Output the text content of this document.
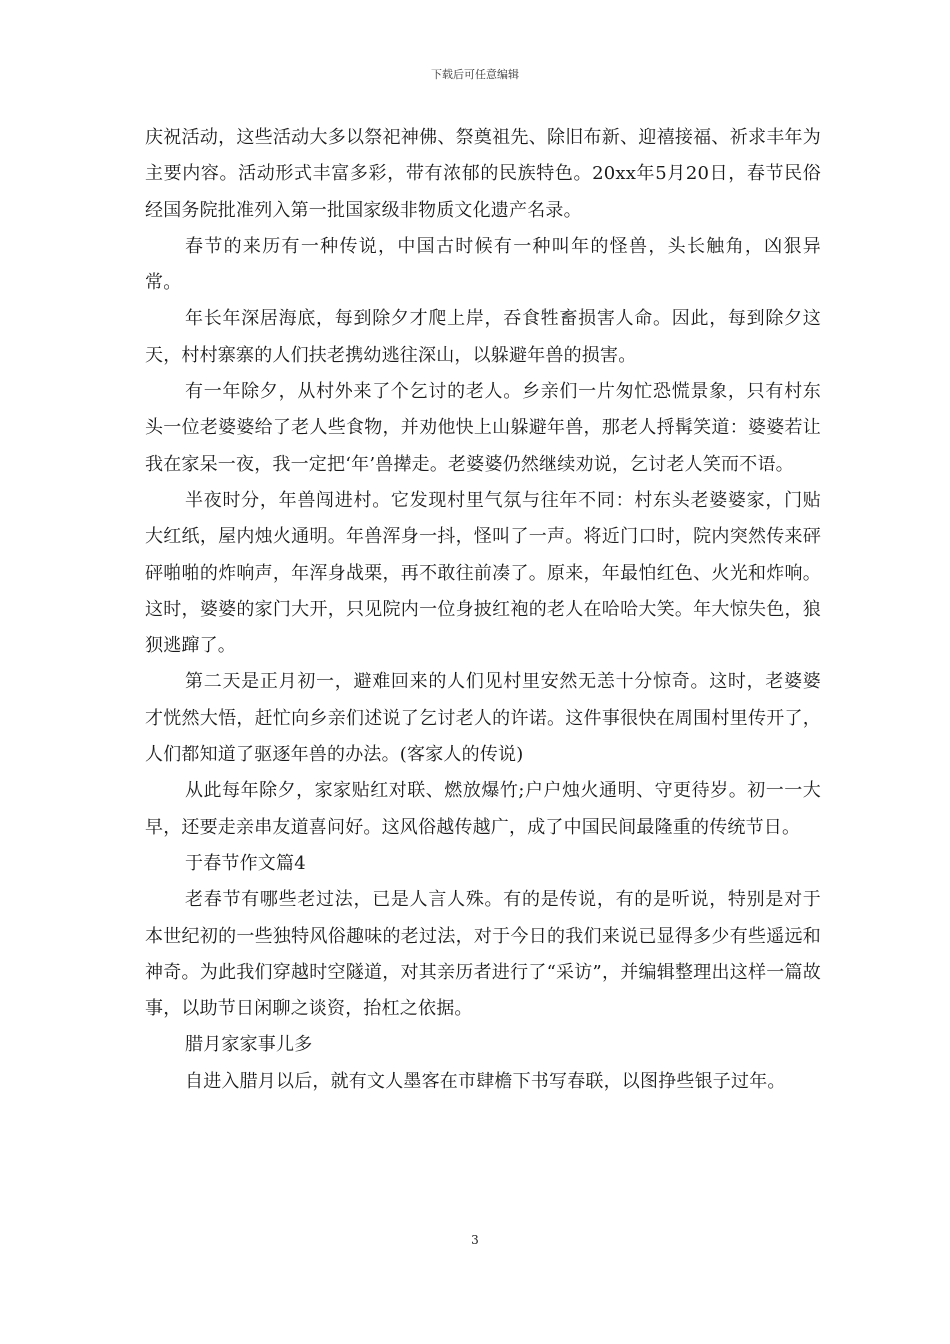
下载后可任意编辑

庆祝活动，这些活动大多以祭祀神佛、祭奠祖先、除旧布新、迎禧接福、祈求丰年为主要内容。活动形式丰富多彩，带有浓郁的民族特色。20xx年5月20日，春节民俗经国务院批准列入第一批国家级非物质文化遗产名录。

春节的来历有一种传说，中国古时候有一种叫年的怪兽，头长触角，凶狠异常。

年长年深居海底，每到除夕才爬上岸，吞食牲畜损害人命。因此，每到除夕这天，村村寨寨的人们扶老携幼逃往深山，以躲避年兽的损害。

有一年除夕，从村外来了个乞讨的老人。乡亲们一片匆忙恐慌景象，只有村东头一位老婆婆给了老人些食物，并劝他快上山躲避年兽，那老人捋髯笑道：婆婆若让我在家呆一夜，我一定把‘年’兽撵走。老婆婆仍然继续劝说，乞讨老人笑而不语。

半夜时分，年兽闯进村。它发现村里气氛与往年不同：村东头老婆婆家，门贴大红纸，屋内烛火通明。年兽浑身一抖，怪叫了一声。将近门口时，院内突然传来砰砰啪啪的炸响声，年浑身战栗，再不敢往前凑了。原来，年最怕红色、火光和炸响。这时，婆婆的家门大开，只见院内一位身披红袍的老人在哈哈大笑。年大惊失色，狼狈逃蹿了。

第二天是正月初一，避难回来的人们见村里安然无恙十分惊奇。这时，老婆婆才恍然大悟，赶忙向乡亲们述说了乞讨老人的许诺。这件事很快在周围村里传开了，人们都知道了驱逐年兽的办法。(客家人的传说)

从此每年除夕，家家贴红对联、燃放爆竹;户户烛火通明、守更待岁。初一一大早，还要走亲串友道喜问好。这风俗越传越广，成了中国民间最隆重的传统节日。

于春节作文篇4

老春节有哪些老过法，已是人言人殊。有的是传说，有的是听说，特别是对于本世纪初的一些独特风俗趣味的老过法，对于今日的我们来说已显得多少有些遥远和神奇。为此我们穿越时空隧道，对其亲历者进行了“采访”，并编辑整理出这样一篇故事，以助节日闲聊之谈资，抬杠之依据。

腊月家家事儿多

自进入腊月以后，就有文人墨客在市肆檐下书写春联，以图挣些银子过年。

3
